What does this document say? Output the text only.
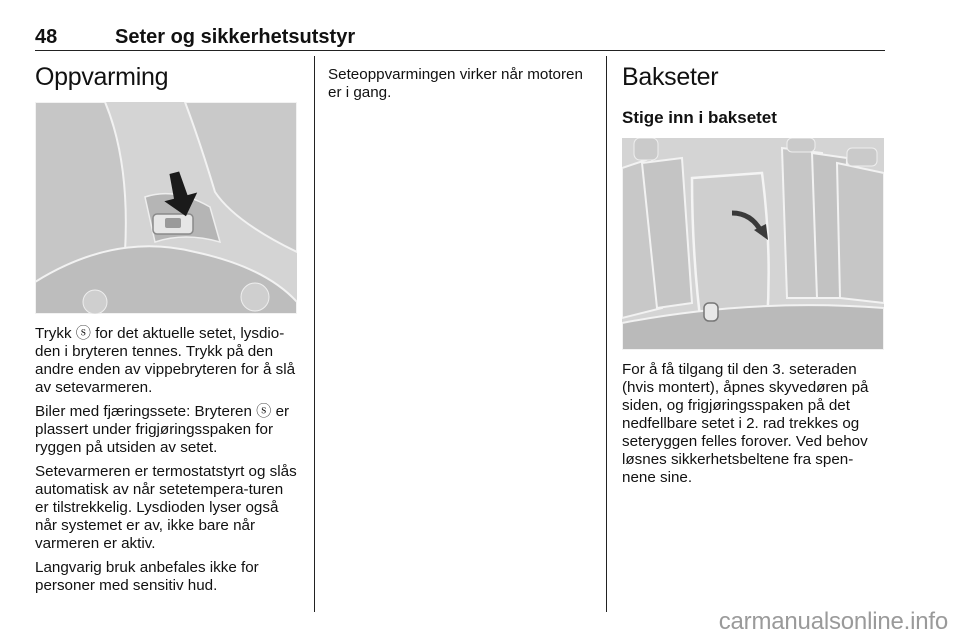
48	Seter og sikkerhetsutstyr
Oppvarming

Trykk ⓢ for det aktuelle setet, lysdio-den i bryteren tennes. Trykk på den andre enden av vippebryteren for å slå av setevarmeren.

Biler med fjæringssete: Bryteren ⓢ er plassert under frigjøringsspaken for ryggen på utsiden av setet.

Setevarmeren er termostatstyrt og slås automatisk av når setetempera-turen er tilstrekkelig. Lysdioden lyser også når systemet er av, ikke bare når varmeren er aktiv.

Langvarig bruk anbefales ikke for personer med sensitiv hud.

Seteoppvarmingen virker når motoren er i gang.

Bakseter
Stige inn i baksetet

For å få tilgang til den 3. seteraden (hvis montert), åpnes skyvedøren på siden, og frigjøringsspaken på det nedfellbare setet i 2. rad trekkes og seteryggen felles forover. Ved behov løsnes sikkerhetsbeltene fra spen-nene sine.

carmanualsonline.info
